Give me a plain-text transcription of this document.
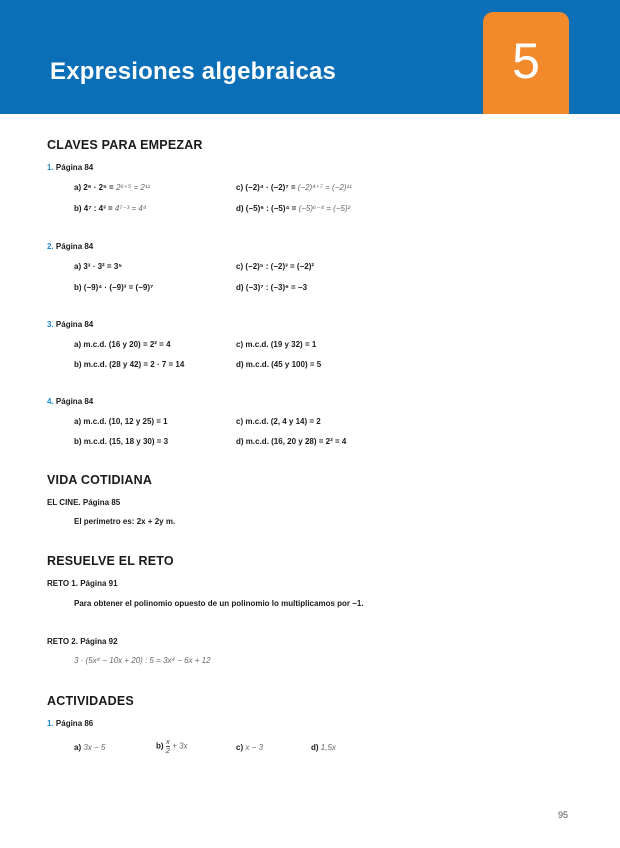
Expresiones algebraicas	5
CLAVES PARA EMPEZAR
1. Página 84
a) 2⁶ · 2⁵ = 2⁶⁺⁵ = 2¹¹
b) 4⁷ : 4³ = 4⁷⁻³ = 4⁴
c) (−2)⁴ · (−2)⁷ = (−2)⁴⁺⁷ = (−2)¹¹
d) (−5)⁶ : (−5)⁴ = (−5)⁶⁻⁴ = (−5)²
2. Página 84
a) 3³ · 3² = 3⁵
b) (−9)⁴ · (−9)³ = (−9)⁷
c) (−2)⁵ : (−2)³ = (−2)²
d) (−3)⁷ : (−3)⁶ = −3
3. Página 84
a) m.c.d. (16 y 20) = 2² = 4
b) m.c.d. (28 y 42) = 2 · 7 = 14
c) m.c.d. (19 y 32) = 1
d) m.c.d. (45 y 100) = 5
4. Página 84
a) m.c.d. (10, 12 y 25) = 1
b) m.c.d. (15, 18 y 30) = 3
c) m.c.d. (2, 4 y 14) = 2
d) m.c.d. (16, 20 y 28) = 2² = 4
VIDA COTIDIANA
EL CINE. Página 85
El perímetro es: 2x + 2y m.
RESUELVE EL RETO
RETO 1. Página 91
Para obtener el polinomio opuesto de un polinomio lo multiplicamos por −1.
RETO 2. Página 92
3 · (5x⁴ − 10x + 20) : 5 = 3x⁴ − 6x + 12
ACTIVIDADES
1. Página 86
a) 3x − 5	$b) \frac{x}{2} + 3x$	c) x − 3	d) 1,5x
95
